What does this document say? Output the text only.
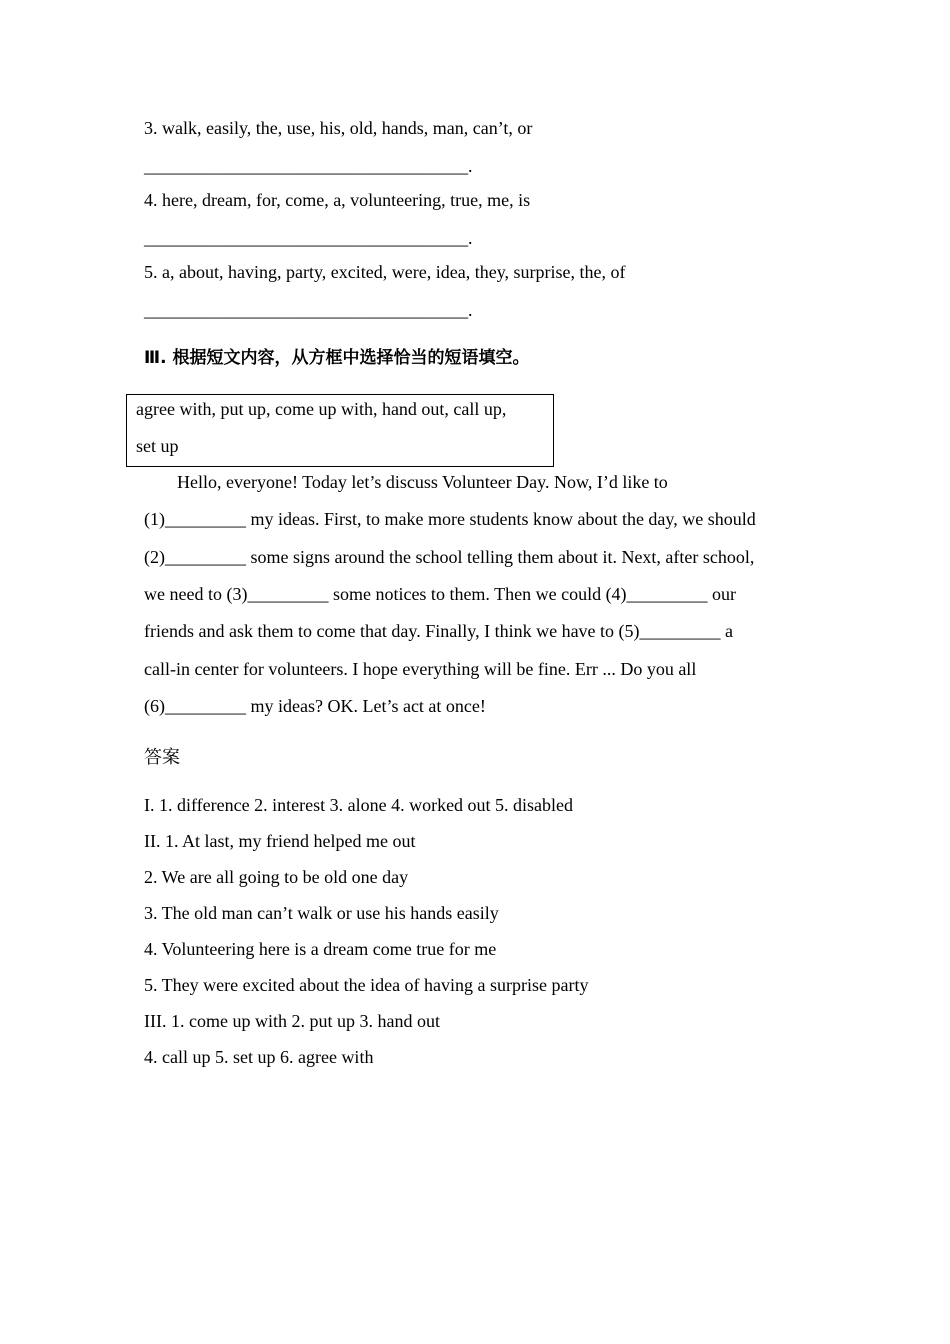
3. walk, easily, the, use, his, old, hands, man, can’t, or
____________________________________.
4. here, dream, for, come, a, volunteering, true, me, is
____________________________________.
5. a, about, having, party, excited, were, idea, they, surprise, the, of
____________________________________.
Ⅲ. 根据短文内容，从方框中选择恰当的短语填空。
agree with, put up, come up with, hand out, call up,
set up
Hello, everyone! Today let’s discuss Volunteer Day. Now, I’d like to
(1)_________ my ideas. First, to make more students know about the day, we should
(2)_________ some signs around the school telling them about it. Next, after school,
we need to (3)_________ some notices to them. Then we could (4)_________ our
friends and ask them to come that day. Finally, I think we have to (5)_________ a
call-in center for volunteers. I hope everything will be fine. Err ... Do you all
(6)_________ my ideas? OK. Let’s act at once!
答案
I. 1. difference 2. interest 3. alone 4. worked out 5. disabled
II. 1. At last, my friend helped me out
2. We are all going to be old one day
3. The old man can’t walk or use his hands easily
4. Volunteering here is a dream come true for me
5. They were excited about the idea of having a surprise party
III. 1. come up with 2. put up 3. hand out
4. call up 5. set up 6. agree with
